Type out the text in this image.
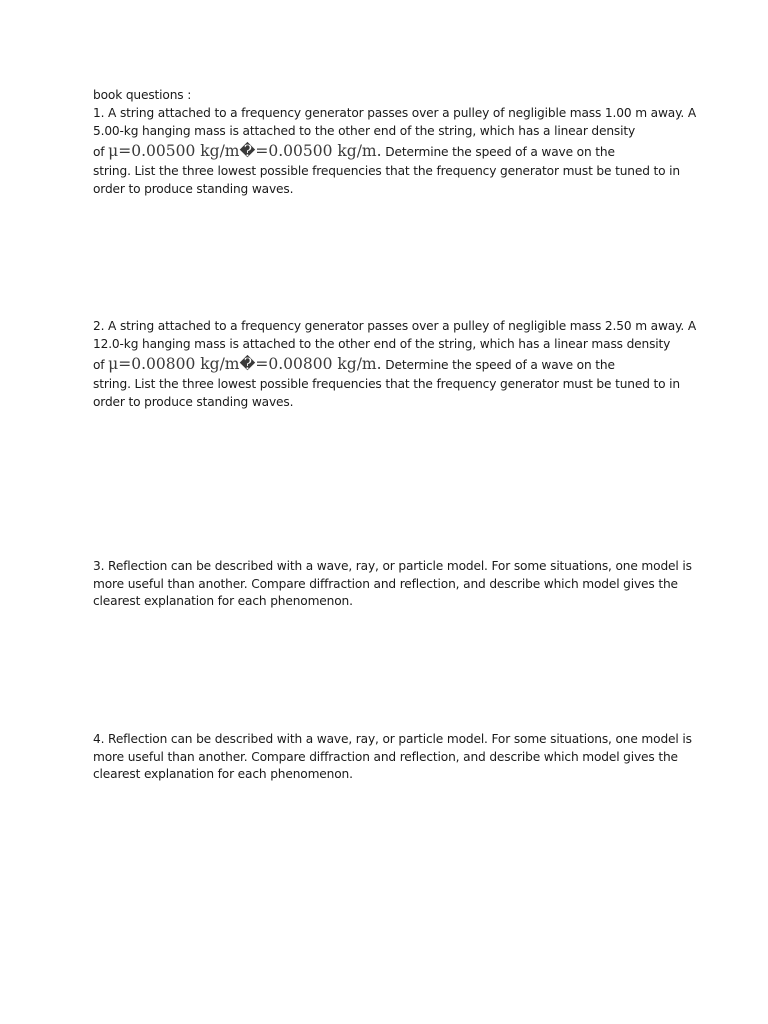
book questions :
1. A string attached to a frequency generator passes over a pulley of negligible mass 1.00 m away. A
5.00-kg hanging mass is attached to the other end of the string, which has a linear density
of μ=0.00500 kg/m�=0.00500 kg/m. Determine the speed of a wave on the
string. List the three lowest possible frequencies that the frequency generator must be tuned to in
order to produce standing waves.
2. A string attached to a frequency generator passes over a pulley of negligible mass 2.50 m away. A
12.0-kg hanging mass is attached to the other end of the string, which has a linear mass density
of μ=0.00800 kg/m�=0.00800 kg/m. Determine the speed of a wave on the
string. List the three lowest possible frequencies that the frequency generator must be tuned to in
order to produce standing waves.
3. Reflection can be described with a wave, ray, or particle model. For some situations, one model is
more useful than another. Compare diffraction and reflection, and describe which model gives the
clearest explanation for each phenomenon.
4. Reflection can be described with a wave, ray, or particle model. For some situations, one model is
more useful than another. Compare diffraction and reflection, and describe which model gives the
clearest explanation for each phenomenon.
